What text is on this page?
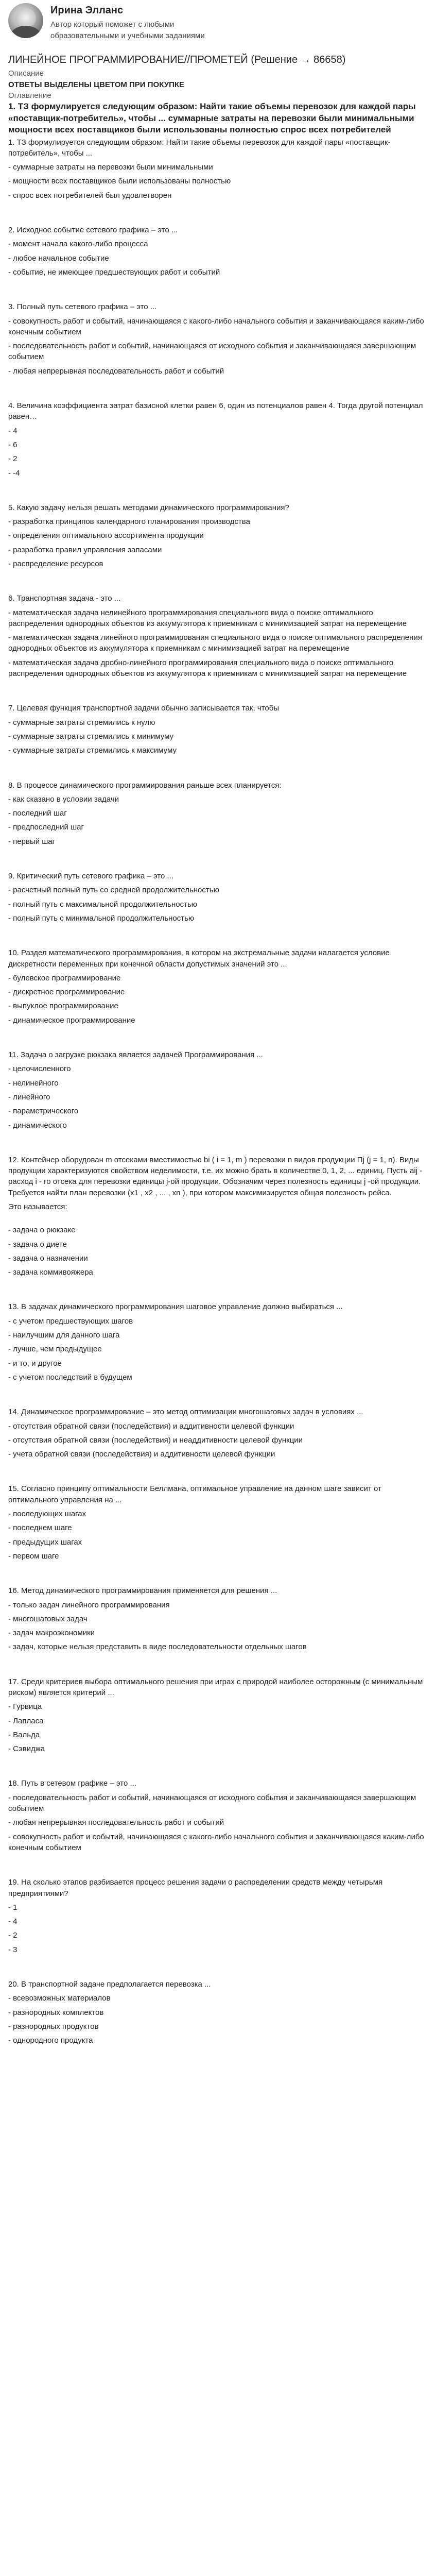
Ирина Элланс

Автор который поможет с любыми образовательными и учебными заданиями

ЛИНЕЙНОЕ ПРОГРАММИРОВАНИЕ//ПРОМЕТЕЙ (Решение → 86658)

Описание

ОТВЕТЫ ВЫДЕЛЕНЫ ЦВЕТОМ ПРИ ПОКУПКЕ

Оглавление

1. ТЗ формулируется следующим образом: Найти такие объемы перевозок для каждой пары «поставщик-потребитель», чтобы ... суммарные затраты на перевозки были минимальными мощности всех поставщиков были использованы полностью спрос всех потребителей

1. ТЗ формулируется следующим образом: Найти такие объемы перевозок для каждой пары «поставщик-потребитель», чтобы ...

- суммарные затраты на перевозки были минимальными

- мощности всех поставщиков были использованы полностью

- спрос всех потребителей был удовлетворен

2. Исходное событие сетевого графика – это ...

- момент начала какого-либо процесса

- любое начальное событие

- событие, не имеющее предшествующих работ и событий

3. Полный путь сетевого графика – это ...

- совокупность работ и событий, начинающаяся с какого-либо начального события и заканчивающаяся каким-либо конечным событием

- последовательность работ и событий, начинающаяся от исходного события и заканчивающаяся завершающим событием

- любая непрерывная последовательность работ и событий

4. Величина коэффициента затрат базисной клетки равен 6, один из потенциалов равен 4. Тогда другой потенциал равен…

- 4

- 6

- 2

- -4

5. Какую задачу нельзя решать методами динамического программирования?

- разработка принципов календарного планирования производства

- определения оптимального ассортимента продукции

- разработка правил управления запасами

- распределение ресурсов

6. Транспортная задача - это ...

- математическая задача нелинейного программирования специального вида о поиске оптимального распределения однородных объектов из аккумулятора к приемникам с минимизацией затрат на перемещение

- математическая задача линейного программирования специального вида о поиске оптимального распределения однородных объектов из аккумулятора к приемникам с минимизацией затрат на перемещение

- математическая задача дробно-линейного программирования специального вида о поиске оптимального распределения однородных объектов из аккумулятора к приемникам с минимизацией затрат на перемещение

7. Целевая функция транспортной задачи обычно записывается так, чтобы

- суммарные затраты стремились к нулю

- суммарные затраты стремились к минимуму

- суммарные затраты стремились к максимуму

8. В процессе динамического программирования раньше всех планируется:

- как сказано в условии задачи

- последний шаг

- предпоследний шаг

- первый шаг

9. Критический путь сетевого графика – это ...

- расчетный полный путь со средней продолжительностью

- полный путь с максимальной продолжительностью

- полный путь с минимальной продолжительностью

10. Раздел математического программирования, в котором на экстремальные задачи налагается условие дискретности переменных при конечной области допустимых значений это ...

- булевское программирование

- дискретное программирование

- выпуклое программирование

- динамическое программирование

11. Задача о загрузке рюкзака является задачей Программирования ...

- целочисленного

- нелинейного

- линейного

- параметрического

- динамического

12. Контейнер оборудован m отсеками вместимостью bi ( i = 1, m ) перевозки n видов продукции Пj (j = 1, n). Виды продукции характеризуются свойством неделимости, т.е. их можно брать в количестве 0, 1, 2, ... единиц. Пусть aij - расход i - го отсека для перевозки единицы j-ой продукции. Обозначим через полезность единицы j -ой продукции. Требуется найти план перевозки (x1 , x2 , ... , xn ), при котором максимизируется общая полезность рейса.

Это называется:

- задача о рюкзаке

- задача о диете

- задача о назначении

- задача коммивояжера

13. В задачах динамического программирования шаговое управление должно выбираться ...

- с учетом предшествующих шагов

- наилучшим для данного шага

- лучше, чем предыдущее

- и то, и другое

- с учетом последствий в будущем

14. Динамическое программирование – это метод оптимизации многошаговых задач в условиях ...

- отсутствия обратной связи (последействия) и аддитивности целевой функции

- отсутствия обратной связи (последействия) и неаддитивности целевой функции

- учета обратной связи (последействия) и аддитивности целевой функции

15. Согласно принципу оптимальности Беллмана, оптимальное управление на данном шаге зависит от оптимального управления на ...

- последующих шагах

- последнем шаге

- предыдущих шагах

- первом шаге

16. Метод динамического программирования применяется для решения ...

- только задач линейного программирования

- многошаговых задач

- задач макроэкономики

- задач, которые нельзя представить в виде последовательности отдельных шагов

17. Среди критериев выбора оптимального решения при играх с природой наиболее осторожным (с минимальным риском) является критерий ...

- Гурвица

- Лапласа

- Вальда

- Сэвиджа

18. Путь в сетевом графике – это ...

- последовательность работ и событий, начинающаяся от исходного события и заканчивающаяся завершающим событием

- любая непрерывная последовательность работ и событий

- совокупность работ и событий, начинающаяся с какого-либо начального события и заканчивающаяся каким-либо конечным событием

19. На сколько этапов разбивается процесс решения задачи о распределении средств между четырьмя предприятиями?

- 1

- 4

- 2

- 3

20. В транспортной задаче предполагается перевозка ...

- всевозможных материалов

- разнородных комплектов

- разнородных продуктов

- однородного продукта
